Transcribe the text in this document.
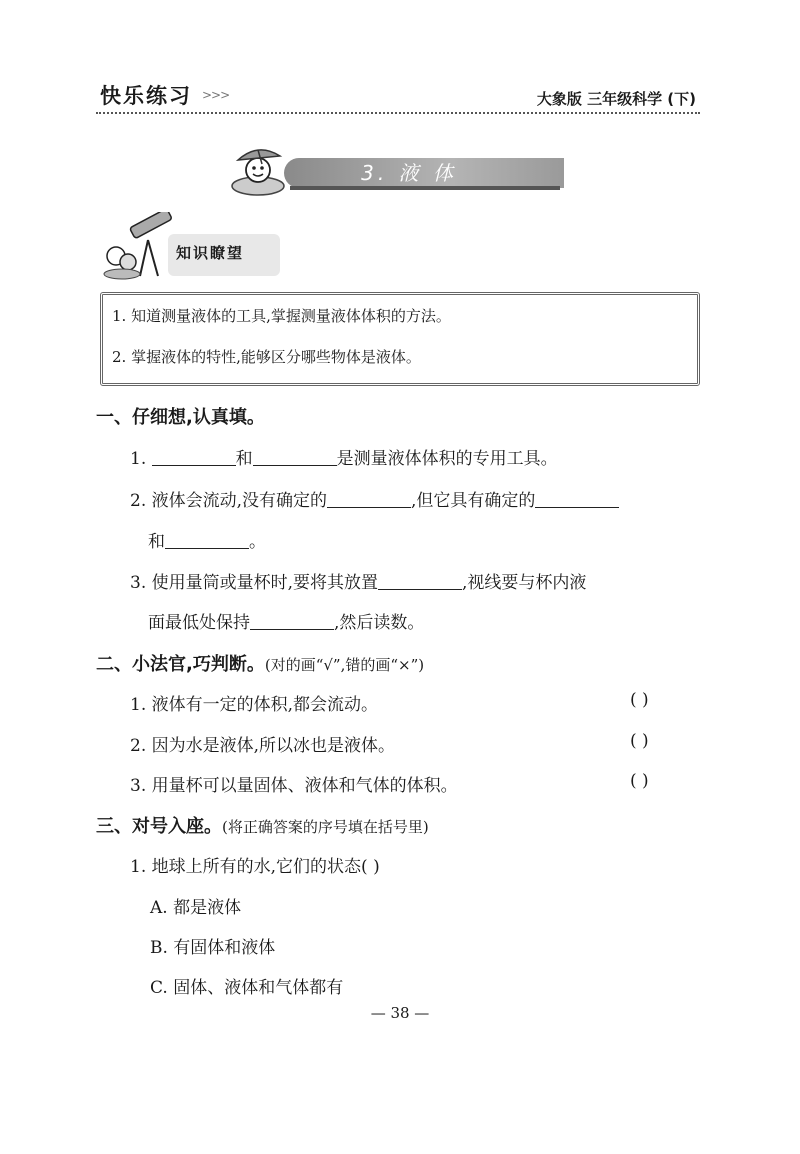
快乐练习 >>>	大象版 三年级科学 (下)
3. 液 体
知识瞭望
1. 知道测量液体的工具,掌握测量液体体积的方法。
2. 掌握液体的特性,能够区分哪些物体是液体。
一、仔细想,认真填。
1.	和	是测量液体体积的专用工具。
2. 液体会流动,没有确定的	,但它具有确定的
和	。
3. 使用量筒或量杯时,要将其放置	,视线要与杯内液
面最低处保持	,然后读数。
二、小法官,巧判断。(对的画“√”,错的画“×”)
1. 液体有一定的体积,都会流动。	( )
2. 因为水是液体,所以冰也是液体。	( )
3. 用量杯可以量固体、液体和气体的体积。	( )
三、对号入座。(将正确答案的序号填在括号里)
1. 地球上所有的水,它们的状态( )
A. 都是液体
B. 有固体和液体
C. 固体、液体和气体都有
— 38 —
